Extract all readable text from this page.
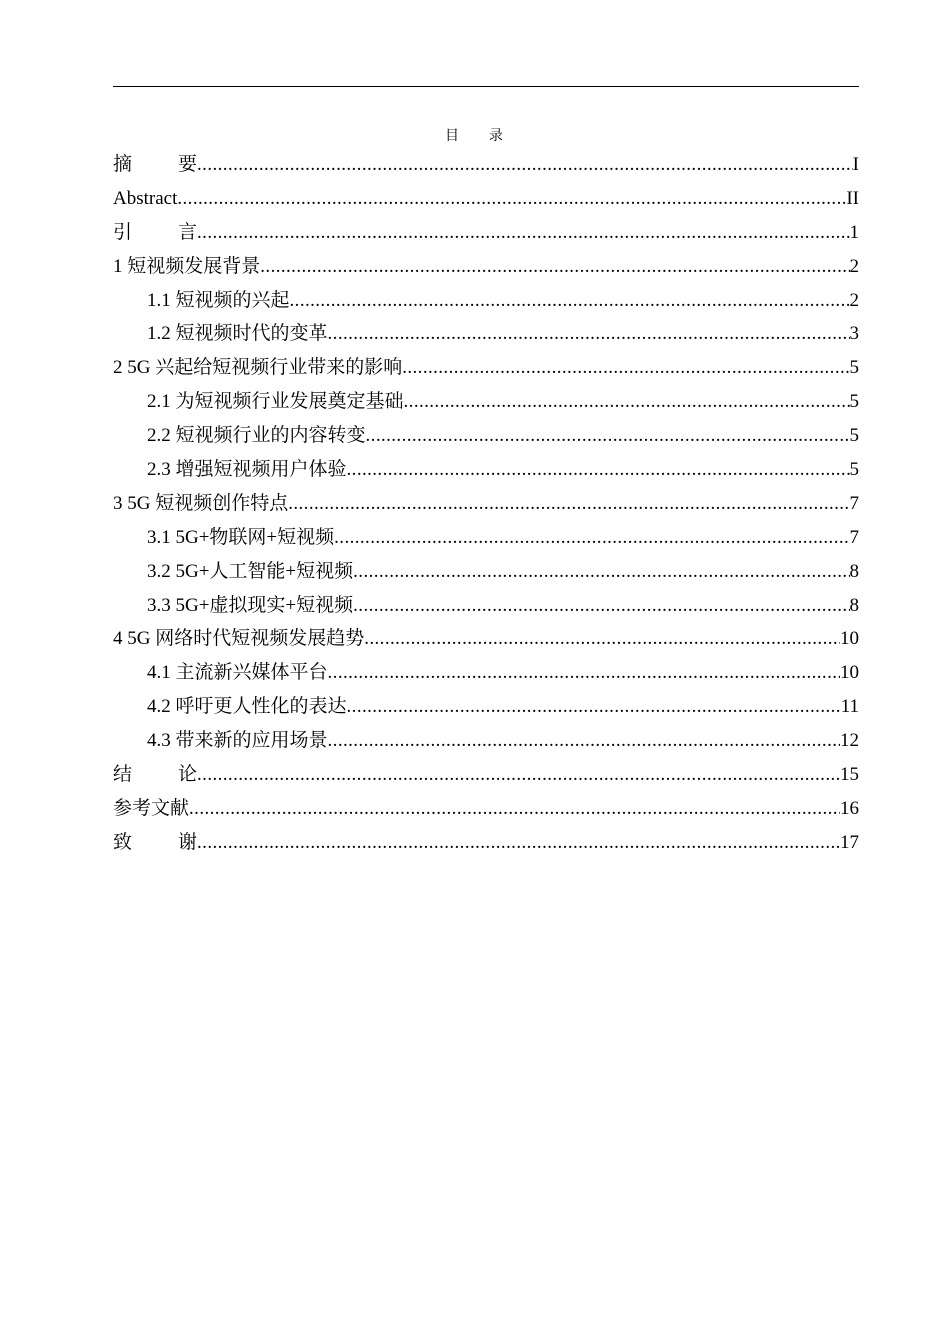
目 录
摘 要 .....	I
Abstract .....	II
引 言 .....	1
1 短视频发展背景 .....	2
1.1 短视频的兴起 .....	2
1.2 短视频时代的变革 .....	3
2 5G 兴起给短视频行业带来的影响 .....	5
2.1 为短视频行业发展奠定基础 .....	5
2.2 短视频行业的内容转变 .....	5
2.3 增强短视频用户体验 .....	5
3 5G 短视频创作特点 .....	7
3.1 5G+物联网+短视频 .....	7
3.2 5G+人工智能+短视频 .....	8
3.3 5G+虚拟现实+短视频 .....	8
4 5G 网络时代短视频发展趋势 .....	10
4.1 主流新兴媒体平台 .....	10
4.2 呼吁更人性化的表达 .....	11
4.3 带来新的应用场景 .....	12
结 论 .....	15
参考文献 .....	16
致 谢 .....	17
